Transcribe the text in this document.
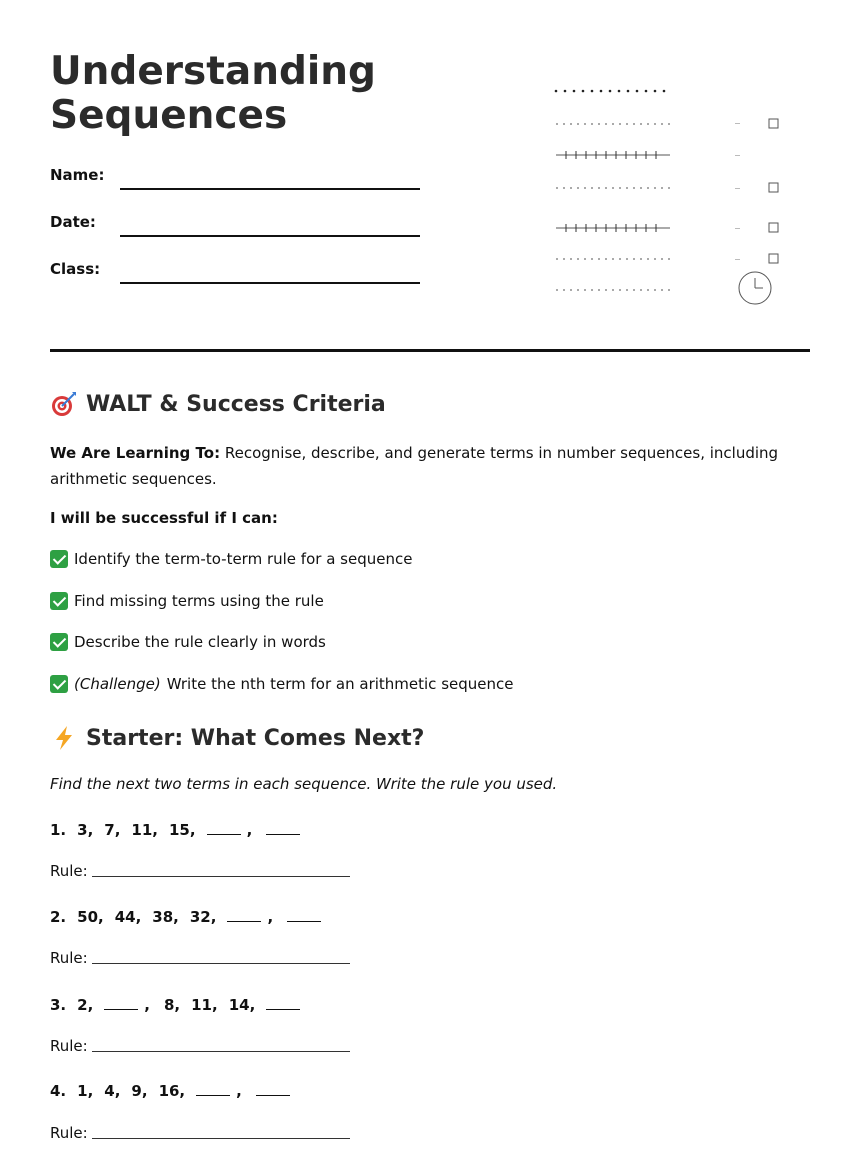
Understanding Sequences
Name:
Date:
Class:
WALT & Success Criteria

We Are Learning To: Recognise, describe, and generate terms in number sequences, including arithmetic sequences.

I will be successful if I can:
Identify the term-to-term rule for a sequence
Find missing terms using the rule
Describe the rule clearly in words
(Challenge) Write the nth term for an arithmetic sequence
Starter: What Comes Next?
Find the next two terms in each sequence. Write the rule you used.
1. 3, 7, 11, 15,	,
Rule:
2. 50, 44, 38, 32,	,
Rule:
3. 2,	, 8, 11, 14,
Rule:
4. 1, 4, 9, 16,	,
Rule:
